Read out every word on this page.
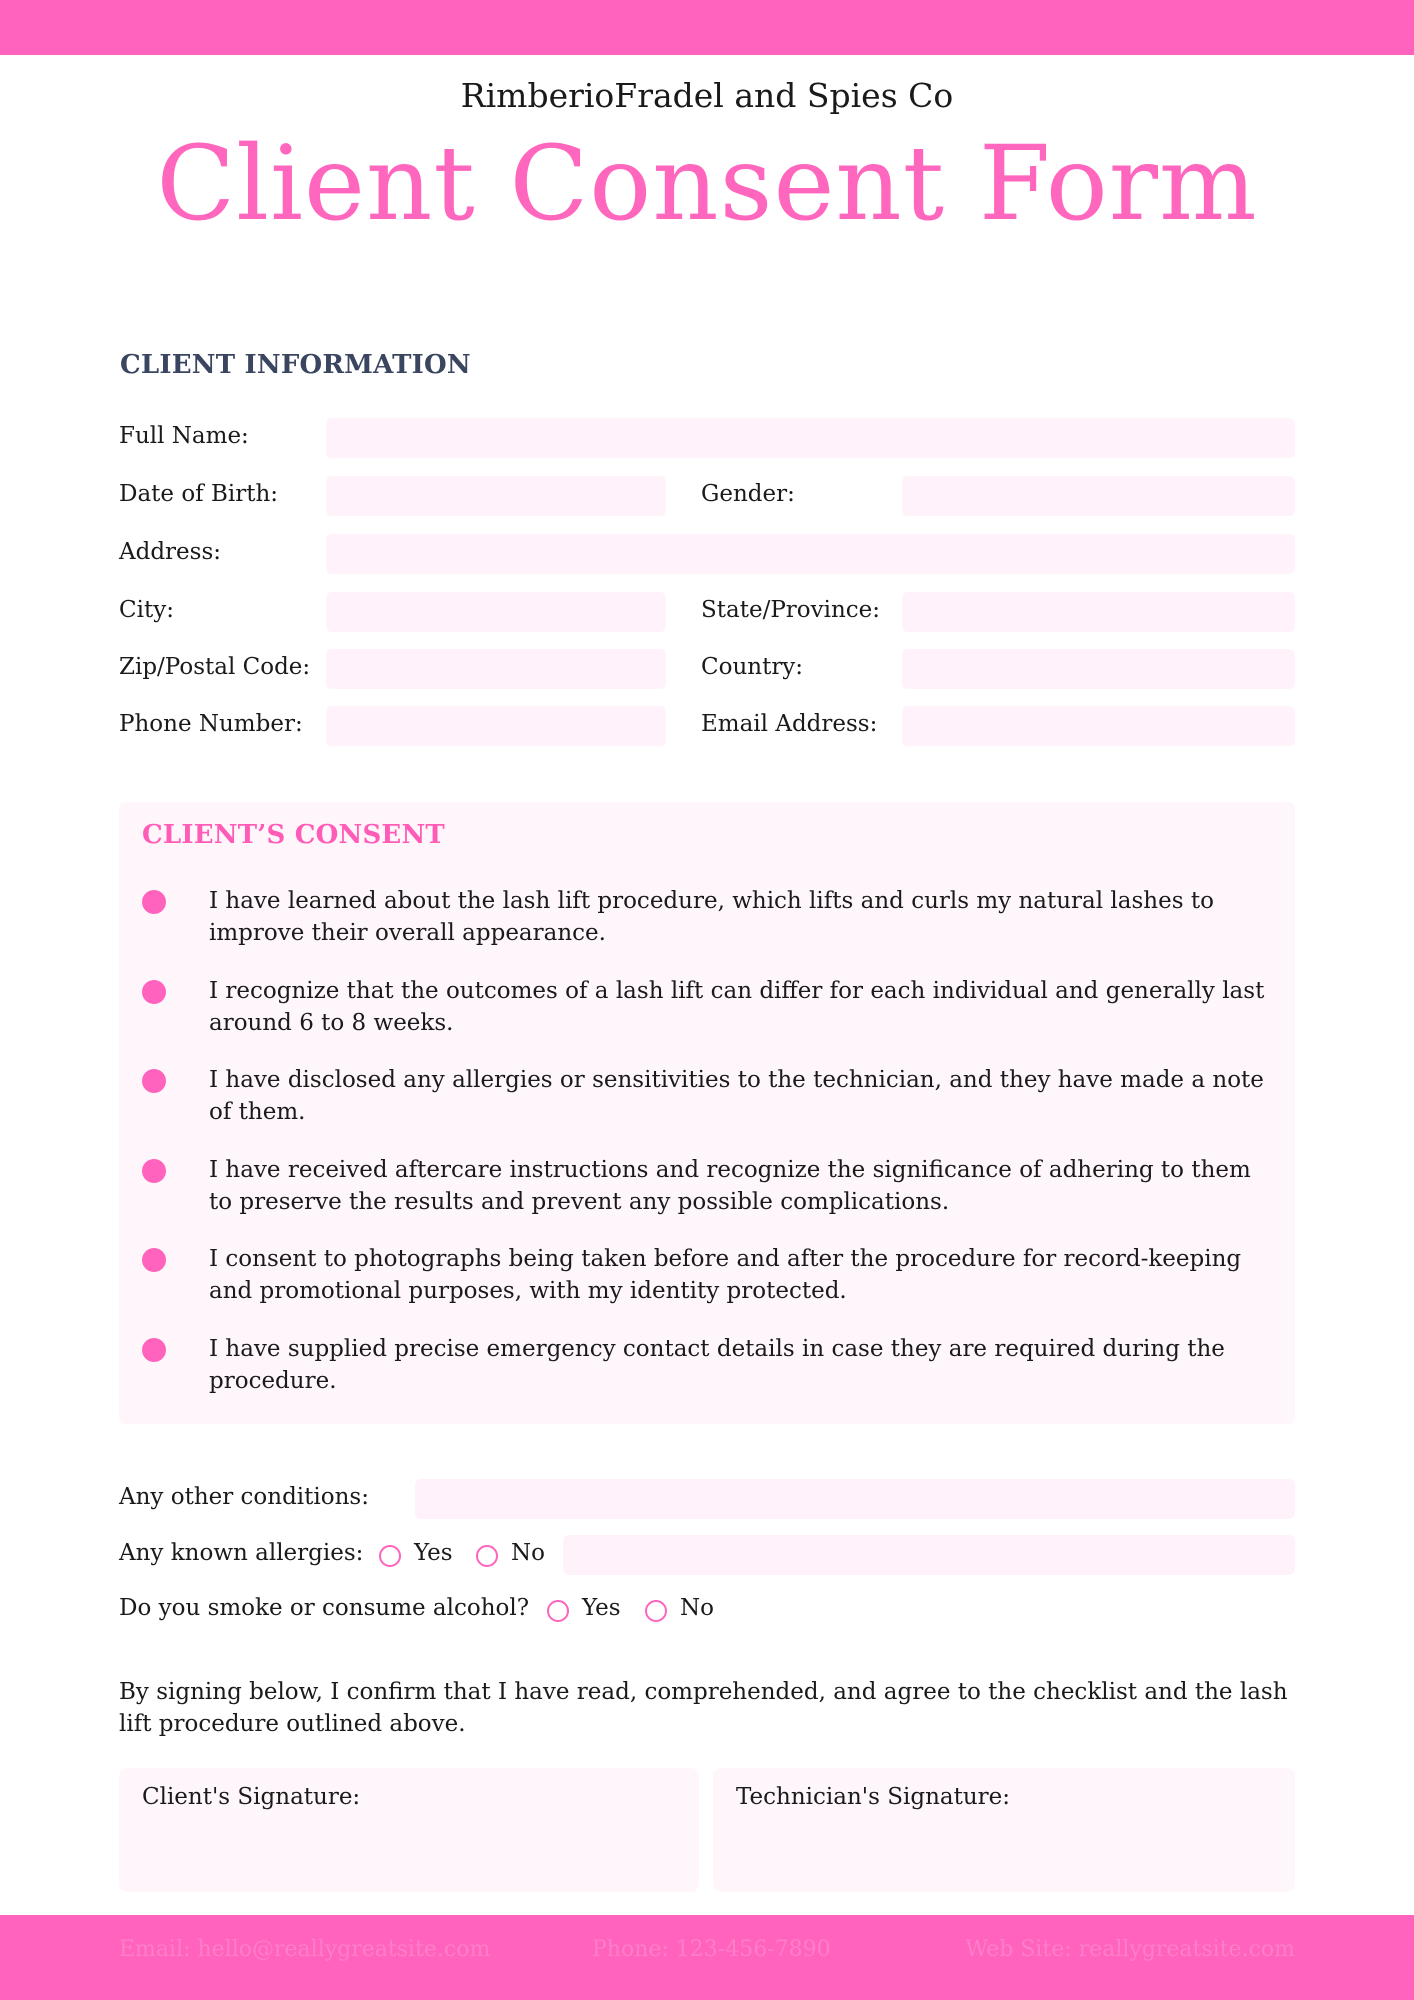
RimberioFradel and Spies Co
Client Consent Form
CLIENT INFORMATION
Full Name:
Date of Birth:	Gender:
Address:
City:	State/Province:
Zip/Postal Code:	Country:
Phone Number:	Email Address:
CLIENT’S CONSENT
I have learned about the lash lift procedure, which lifts and curls my natural lashes to improve their overall appearance.
I recognize that the outcomes of a lash lift can differ for each individual and generally last around 6 to 8 weeks.
I have disclosed any allergies or sensitivities to the technician, and they have made a note of them.
I have received aftercare instructions and recognize the significance of adhering to them to preserve the results and prevent any possible complications.
I consent to photographs being taken before and after the procedure for record-keeping and promotional purposes, with my identity protected.
I have supplied precise emergency contact details in case they are required during the procedure.
Any other conditions:
Any known allergies: Yes	No
Do you smoke or consume alcohol? Yes	No
By signing below, I confirm that I have read, comprehended, and agree to the checklist and the lash lift procedure outlined above.
Client's Signature:	Technician's Signature:
Email: hello@reallygreatsite.com	Phone: 123-456-7890	Web Site: reallygreatsite.com
